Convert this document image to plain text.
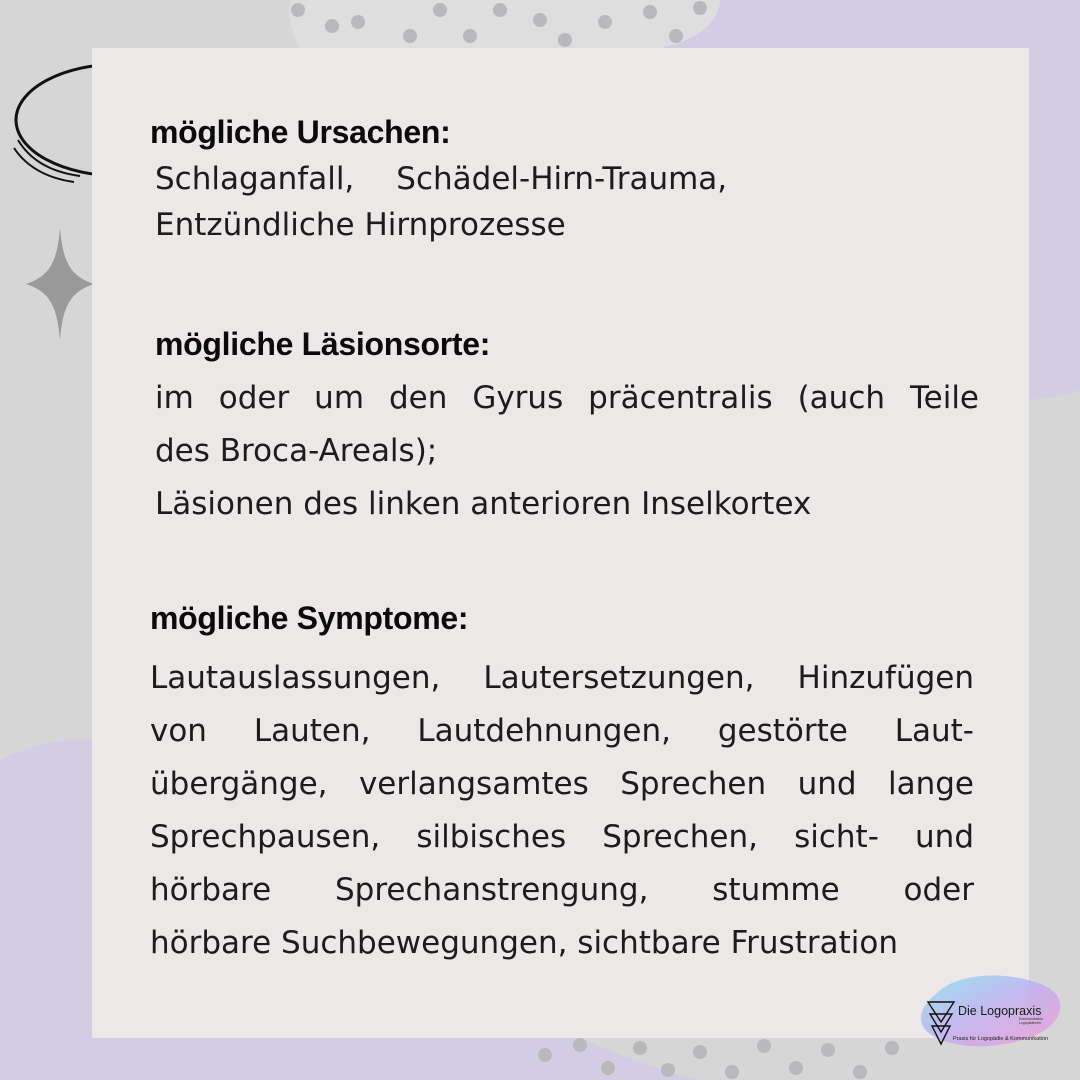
mögliche Ursachen:
Schlaganfall, Schädel-Hirn-Trauma,
Entzündliche Hirnprozesse
mögliche Läsionsorte:
im oder um den Gyrus präcentralis (auch Teile
des Broca-Areals);
Läsionen des linken anterioren Inselkortex
mögliche Symptome:
Lautauslassungen, Lautersetzungen, Hinzufügen
von Lauten, Lautdehnungen, gestörte Laut-
übergänge, verlangsamtes Sprechen und lange
Sprechpausen, silbisches Sprechen, sicht- und
hörbare Sprechanstrengung, stumme oder
hörbare Suchbewegungen, sichtbare Frustration
Die Logopraxis
Kommunikation
Logopädinnen
Praxis für Logopädie & Kommunikation
